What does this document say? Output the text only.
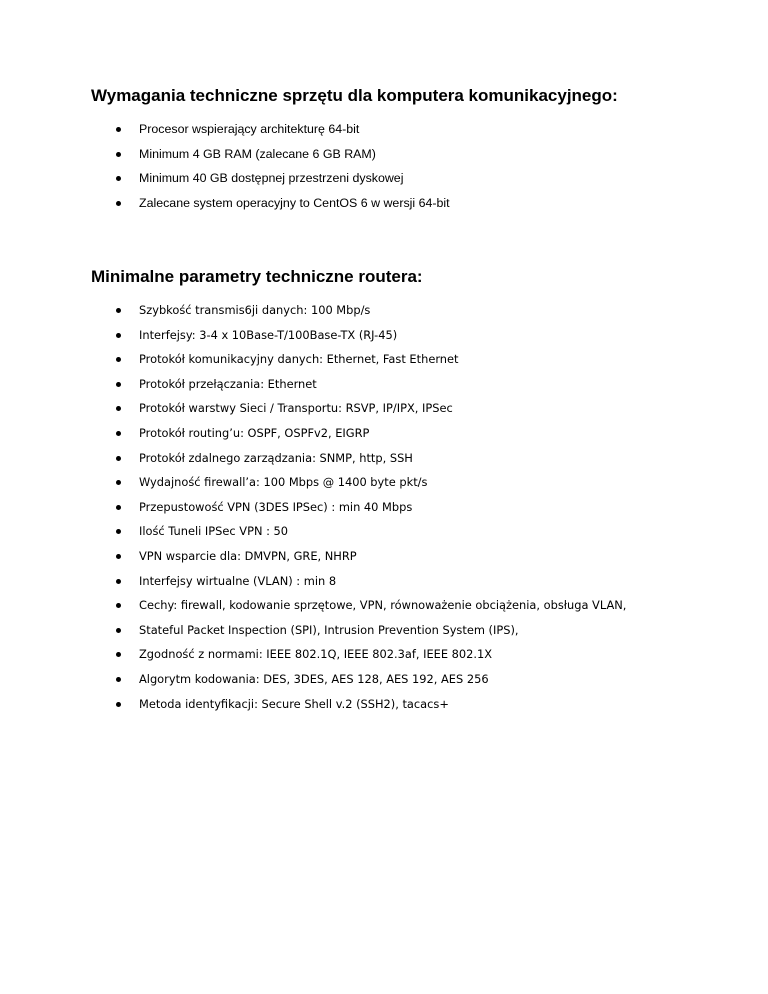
Wymagania techniczne sprzętu dla komputera komunikacyjnego:
Procesor wspierający architekturę 64-bit
Minimum 4 GB RAM (zalecane 6 GB RAM)
Minimum 40 GB dostępnej przestrzeni dyskowej
Zalecane system operacyjny to CentOS 6 w wersji 64-bit
Minimalne parametry techniczne routera:
Szybkość transmis6ji danych: 100 Mbp/s
Interfejsy: 3-4 x 10Base-T/100Base-TX (RJ-45)
Protokół komunikacyjny danych: Ethernet, Fast Ethernet
Protokół przełączania: Ethernet
Protokół warstwy Sieci / Transportu: RSVP, IP/IPX, IPSec
Protokół routing’u: OSPF, OSPFv2, EIGRP
Protokół zdalnego zarządzania: SNMP, http, SSH
Wydajność firewall’a: 100 Mbps @ 1400 byte pkt/s
Przepustowość VPN (3DES IPSec) : min 40 Mbps
Ilość Tuneli IPSec VPN : 50
VPN wsparcie dla: DMVPN, GRE, NHRP
Interfejsy wirtualne (VLAN) : min 8
Cechy: firewall, kodowanie sprzętowe, VPN, równoważenie obciążenia, obsługa VLAN,
Stateful Packet Inspection (SPI), Intrusion Prevention System (IPS),
Zgodność z normami: IEEE 802.1Q, IEEE 802.3af, IEEE 802.1X
Algorytm kodowania: DES, 3DES, AES 128, AES 192, AES 256
Metoda identyfikacji: Secure Shell v.2 (SSH2), tacacs+
